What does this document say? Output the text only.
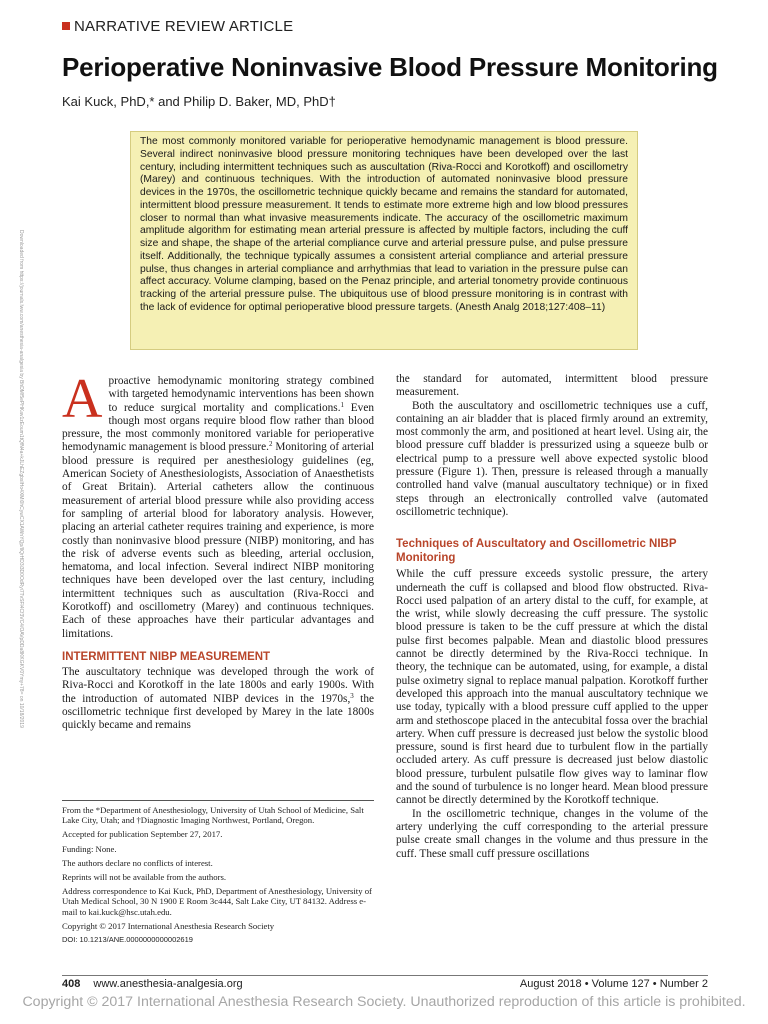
NARRATIVE REVIEW ARTICLE
Perioperative Noninvasive Blood Pressure Monitoring
Kai Kuck, PhD,* and Philip D. Baker, MD, PhD†
The most commonly monitored variable for perioperative hemodynamic management is blood pressure. Several indirect noninvasive blood pressure monitoring techniques have been developed over the last century, including intermittent techniques such as auscultation (Riva-Rocci and Korotkoff) and oscillometry (Marey) and continuous techniques. With the introduction of automated noninvasive blood pressure devices in the 1970s, the oscillometric technique quickly became and remains the standard for automated, intermittent blood pressure measurement. It tends to estimate more extreme high and low blood pressures closer to normal than what invasive measurements indicate. The accuracy of the oscillometric maximum amplitude algorithm for estimating mean arterial pressure is affected by multiple factors, including the cuff size and shape, the shape of the arterial compliance curve and arterial pressure pulse, and pulse pressure itself. Additionally, the technique typically assumes a consistent arterial compliance and arterial pressure pulse, thus changes in arterial compliance and arrhythmias that lead to variation in the pressure pulse can affect accuracy. Volume clamping, based on the Penaz principle, and arterial tonometry provide continuous tracking of the arterial pressure pulse. The ubiquitous use of blood pressure monitoring is in contrast with the lack of evidence for optimal perioperative blood pressure targets. (Anesth Analg 2018;127:408–11)
Downloaded from https://journals.lww.com/anesthesia-analgesia by BhDMf5ePHKav1zEoum1tQfN4a+kJLhEZgbsIHo4XMi0hCywCX1AWnYQp/IlQrHD3i3D0OdRyi7TvSFl4Cf3VC4/OAVpDDa8KKGKV0Ymy+78= on 10/18/2019 Aproactive hemodynamic monitoring strategy combined with targeted hemodynamic interventions has been shown to reduce surgical mortality and complications.$^1$ Even though most organs require blood flow rather than blood pressure, the most commonly monitored variable for perioperative hemodynamic management is blood pressure.$^2$ Monitoring of arterial blood pressure is required per anesthesiology guidelines (eg, American Society of Anesthesiologists, Association of Anaesthetists of Great Britain). Arterial catheters allow the continuous measurement of arterial blood pressure while also providing access for sampling of arterial blood for laboratory analysis. However, placing an arterial catheter requires training and experience, is more costly than noninvasive blood pressure (NIBP) monitoring, and has the risk of adverse events such as bleeding, arterial occlusion, hematoma, and local infection. Several indirect NIBP monitoring techniques have been developed over the last century, including intermittent techniques such as auscultation (Riva-Rocci and Korotkoff) and oscillometry (Marey) and continuous techniques. Each of these approaches have their particular advantages and limitations.

INTERMITTENT NIBP MEASUREMENT

The auscultatory technique was developed through the work of Riva-Rocci and Korotkoff in the late 1800s and early 1900s. With the introduction of automated NIBP devices in the 1970s,$^3$ the oscillometric technique first developed by Marey in the late 1800s quickly became and remains

From the *Department of Anesthesiology, University of Utah School of Medicine, Salt Lake City, Utah; and †Diagnostic Imaging Northwest, Portland, Oregon.

Accepted for publication September 27, 2017.

Funding: None.

The authors declare no conflicts of interest.

Reprints will not be available from the authors.

Address correspondence to Kai Kuck, PhD, Department of Anesthesiology, University of Utah Medical School, 30 N 1900 E Room 3c444, Salt Lake City, UT 84132. Address e-mail to kai.kuck@hsc.utah.edu.

Copyright © 2017 International Anesthesia Research Society

DOI: 10.1213/ANE.0000000000002619

the standard for automated, intermittent blood pressure measurement.

Both the auscultatory and oscillometric techniques use a cuff, containing an air bladder that is placed firmly around an extremity, most commonly the arm, and positioned at heart level. Using air, the blood pressure cuff bladder is pressurized using a squeeze bulb or electrical pump to a pressure well above expected systolic blood pressure (Figure 1). Then, pressure is released through a manually controlled hand valve (manual auscultatory technique) or in fixed steps through an electronically controlled valve (automated oscillometric technique).

Techniques of Auscultatory and Oscillometric NIBP Monitoring

While the cuff pressure exceeds systolic pressure, the artery underneath the cuff is collapsed and blood flow obstructed. Riva-Rocci used palpation of an artery distal to the cuff, for example, at the wrist, while slowly decreasing the cuff pressure. The systolic blood pressure is taken to be the cuff pressure at which the distal pulse first becomes palpable. Mean and diastolic blood pressures cannot be directly determined by the Riva-Rocci technique. In theory, the technique can be automated, using, for example, a distal pulse oximetry signal to replace manual palpation. Korotkoff further developed this approach into the manual auscultatory technique we use today, typically with a blood pressure cuff applied to the upper arm and stethoscope placed in the antecubital fossa over the brachial artery. When cuff pressure is decreased just below the systolic blood pressure, sound is first heard due to turbulent flow in the partially occluded artery. As cuff pressure is decreased just below diastolic blood pressure, turbulent pulsatile flow gives way to laminar flow and the sound of turbulence is no longer heard. Mean blood pressure cannot be directly determined by the Korotkoff technique.

In the oscillometric technique, changes in the volume of the artery underlying the cuff corresponding to the arterial pressure pulse create small changes in the volume and thus pressure in the cuff. These small cuff pressure oscillations

408 www.anesthesia-analgesia.org	August 2018 • Volume 127 • Number 2
Copyright © 2017 International Anesthesia Research Society. Unauthorized reproduction of this article is prohibited.
